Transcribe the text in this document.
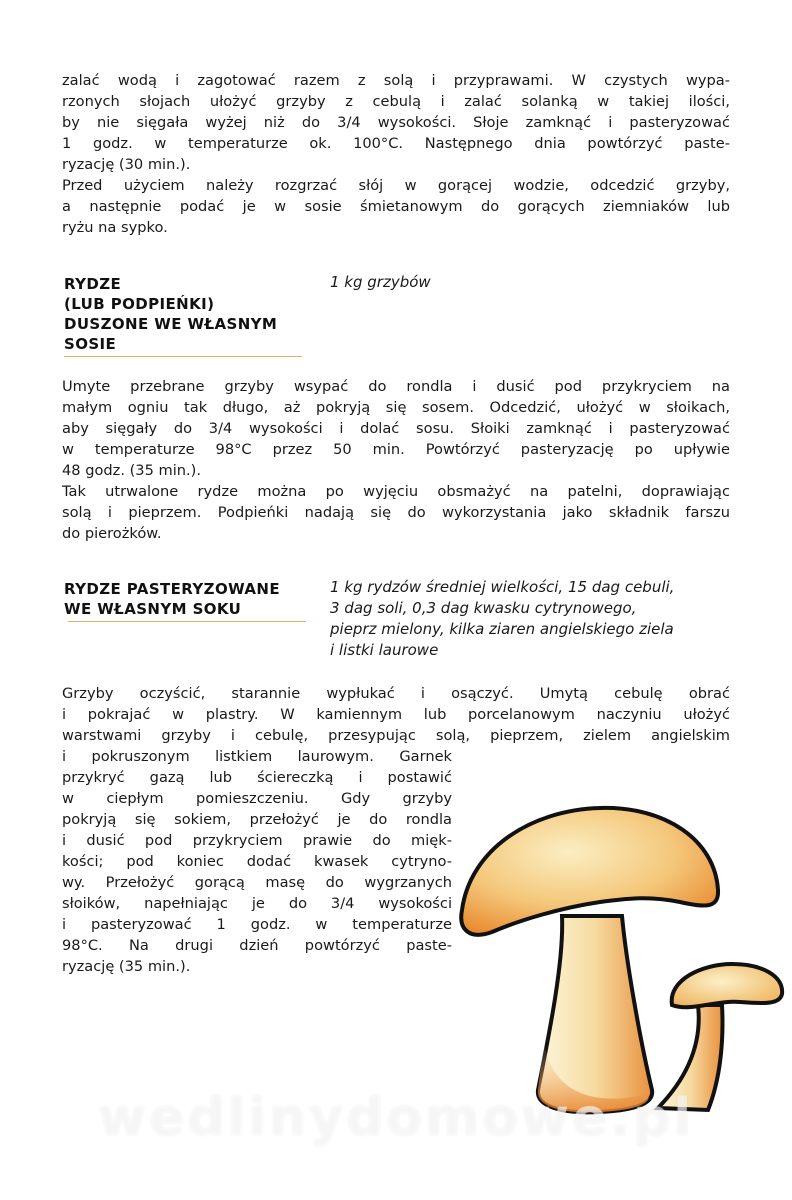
zalać wodą i zagotować razem z solą i przyprawami. W czystych wypa-
rzonych słojach ułożyć grzyby z cebulą i zalać solanką w takiej ilości,
by nie sięgała wyżej niż do 3/4 wysokości. Słoje zamknąć i pasteryzować
1 godz. w temperaturze ok. 100°C. Następnego dnia powtórzyć paste-
ryzację (30 min.).
Przed użyciem należy rozgrzać słój w gorącej wodzie, odcedzić grzyby,
a następnie podać je w sosie śmietanowym do gorących ziemniaków lub
ryżu na sypko.
RYDZE
(LUB PODPIEŃKI)
DUSZONE WE WŁASNYM
SOSIE
1 kg grzybów
Umyte przebrane grzyby wsypać do rondla i dusić pod przykryciem na
małym ogniu tak długo, aż pokryją się sosem. Odcedzić, ułożyć w słoikach,
aby sięgały do 3/4 wysokości i dolać sosu. Słoiki zamknąć i pasteryzować
w temperaturze 98°C przez 50 min. Powtórzyć pasteryzację po upływie
48 godz. (35 min.).
Tak utrwalone rydze można po wyjęciu obsmażyć na patelni, doprawiając
solą i pieprzem. Podpieńki nadają się do wykorzystania jako składnik farszu
do pierożków.
RYDZE PASTERYZOWANE
WE WŁASNYM SOKU
1 kg rydzów średniej wielkości, 15 dag cebuli,
3 dag soli, 0,3 dag kwasku cytrynowego,
pieprz mielony, kilka ziaren angielskiego ziela
i listki laurowe
Grzyby oczyścić, starannie wypłukać i osączyć. Umytą cebulę obrać
i pokrajać w plastry. W kamiennym lub porcelanowym naczyniu ułożyć
warstwami grzyby i cebulę, przesypując solą, pieprzem, zielem angielskim
i pokruszonym listkiem laurowym. Garnek
przykryć gazą lub ściereczką i postawić
w ciepłym pomieszczeniu. Gdy grzyby
pokryją się sokiem, przełożyć je do rondla
i dusić pod przykryciem prawie do mięk-
kości; pod koniec dodać kwasek cytryno-
wy. Przełożyć gorącą masę do wygrzanych
słoików, napełniając je do 3/4 wysokości
i pasteryzować 1 godz. w temperaturze
98°C. Na drugi dzień powtórzyć paste-
ryzację (35 min.).
wedlinydomowe.pl
